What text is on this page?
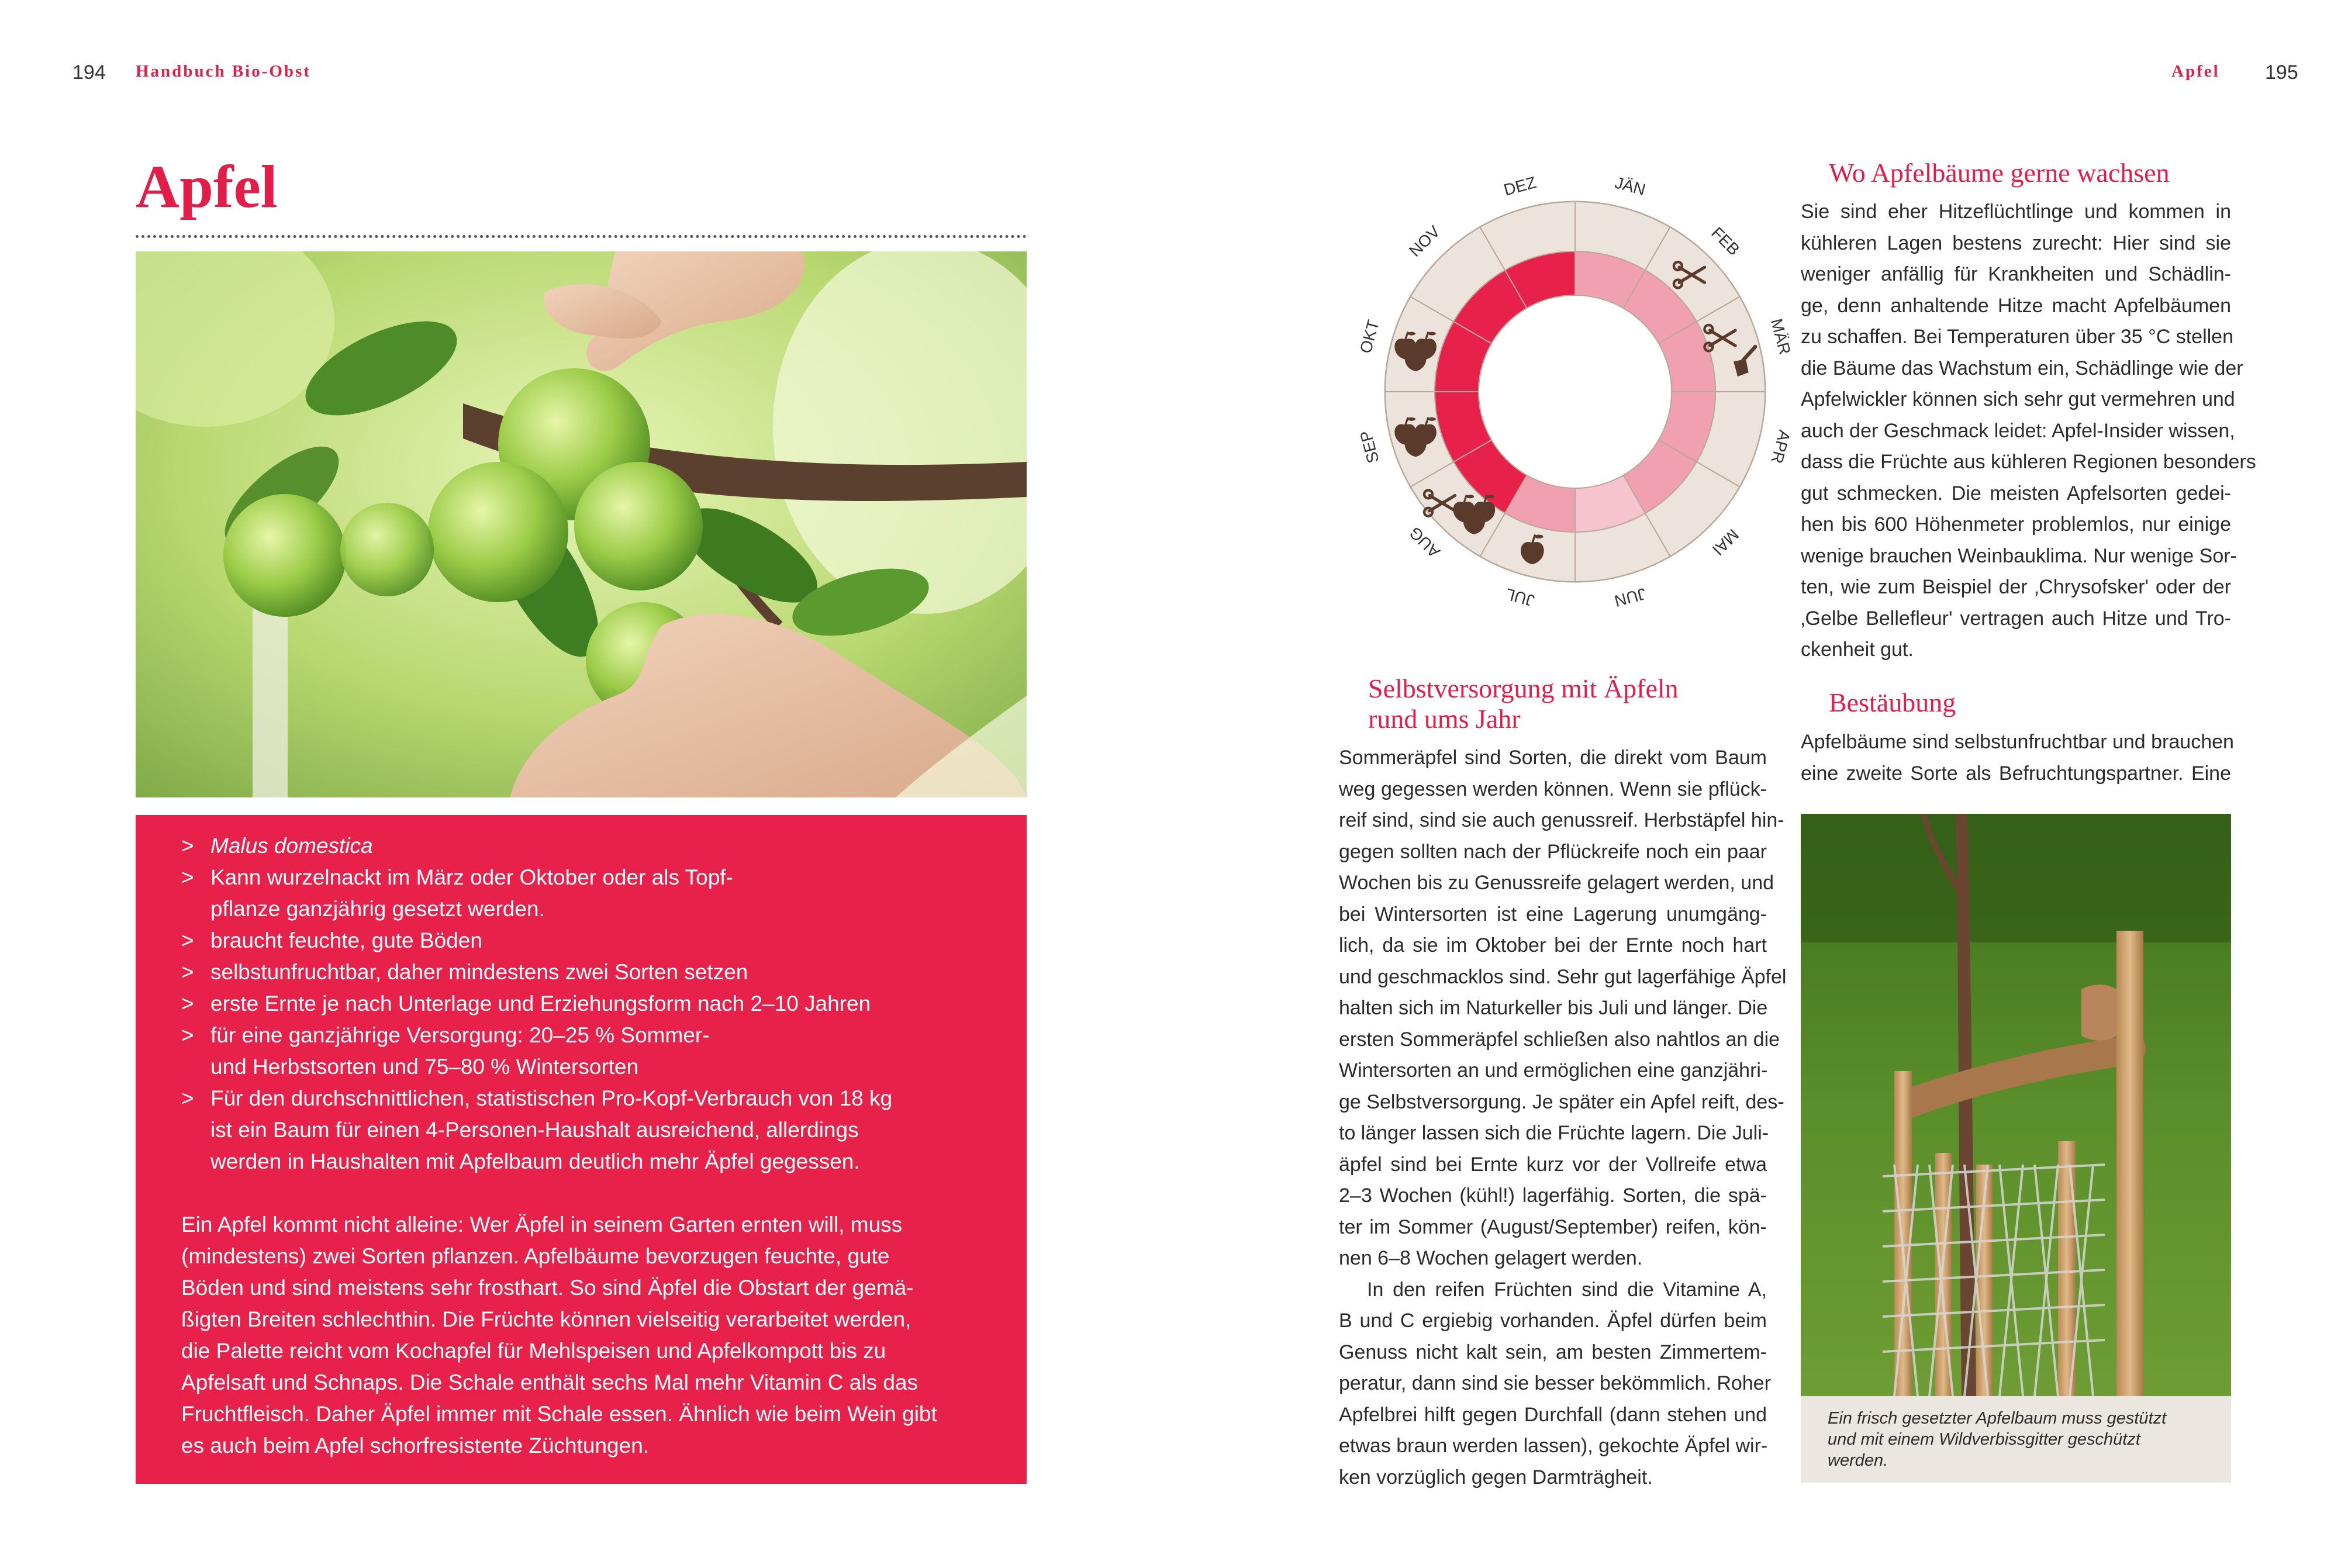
194 Handbuch Bio-Obst	Apfel 195
Apfel
> Malus domestica
> Kann wurzelnackt im März oder Oktober oder als Topf-
pflanze ganzjährig gesetzt werden.
> braucht feuchte, gute Böden
> selbstunfruchtbar, daher mindestens zwei Sorten setzen
> erste Ernte je nach Unterlage und Erziehungsform nach 2–10 Jahren
> für eine ganzjährige Versorgung: 20–25 % Sommer-
und Herbstsorten und 75–80 % Wintersorten
> Für den durchschnittlichen, statistischen Pro-Kopf-Verbrauch von 18 kg
ist ein Baum für einen 4-Personen-Haushalt ausreichend, allerdings
werden in Haushalten mit Apfelbaum deutlich mehr Äpfel gegessen.
Ein Apfel kommt nicht alleine: Wer Äpfel in seinem Garten ernten will, muss
(mindestens) zwei Sorten pflanzen. Apfelbäume bevorzugen feuchte, gute
Böden und sind meistens sehr frosthart. So sind Äpfel die Obstart der gemä-
ßigten Breiten schlechthin. Die Früchte können vielseitig verarbeitet werden,
die Palette reicht vom Kochapfel für Mehlspeisen und Apfelkompott bis zu
Apfelsaft und Schnaps. Die Schale enthält sechs Mal mehr Vitamin C als das
Fruchtfleisch. Daher Äpfel immer mit Schale essen. Ähnlich wie beim Wein gibt
es auch beim Apfel schorfresistente Züchtungen.
JÄN
FEB
MÄR
APR
MAI
JUN
JUL
AUG
SEP
OKT
NOV
DEZ
Selbstversorgung mit Äpfeln
rund ums Jahr
Sommeräpfel sind Sorten, die direkt vom Baum
weg gegessen werden können. Wenn sie pflück-
reif sind, sind sie auch genussreif. Herbstäpfel hin-
gegen sollten nach der Pflückreife noch ein paar
Wochen bis zu Genussreife gelagert werden, und
bei Wintersorten ist eine Lagerung unumgäng-
lich, da sie im Oktober bei der Ernte noch hart
und geschmacklos sind. Sehr gut lagerfähige Äpfel
halten sich im Naturkeller bis Juli und länger. Die
ersten Sommeräpfel schließen also nahtlos an die
Wintersorten an und ermöglichen eine ganzjähri-
ge Selbstversorgung. Je später ein Apfel reift, des-
to länger lassen sich die Früchte lagern. Die Juli-
äpfel sind bei Ernte kurz vor der Vollreife etwa
2–3 Wochen (kühl!) lagerfähig. Sorten, die spä-
ter im Sommer (August/September) reifen, kön-
nen 6–8 Wochen gelagert werden.
In den reifen Früchten sind die Vitamine A,
B und C ergiebig vorhanden. Äpfel dürfen beim
Genuss nicht kalt sein, am besten Zimmertem-
peratur, dann sind sie besser bekömmlich. Roher
Apfelbrei hilft gegen Durchfall (dann stehen und
etwas braun werden lassen), gekochte Äpfel wir-
ken vorzüglich gegen Darmträgheit.
Wo Apfelbäume gerne wachsen
Sie sind eher Hitzeflüchtlinge und kommen in
kühleren Lagen bestens zurecht: Hier sind sie
weniger anfällig für Krankheiten und Schädlin-
ge, denn anhaltende Hitze macht Apfelbäumen
zu schaffen. Bei Temperaturen über 35 °C stellen
die Bäume das Wachstum ein, Schädlinge wie der
Apfelwickler können sich sehr gut vermehren und
auch der Geschmack leidet: Apfel-Insider wissen,
dass die Früchte aus kühleren Regionen besonders
gut schmecken. Die meisten Apfelsorten gedei-
hen bis 600 Höhenmeter problemlos, nur einige
wenige brauchen Weinbauklima. Nur wenige Sor-
ten, wie zum Beispiel der ‚Chrysofsker' oder der
‚Gelbe Bellefleur' vertragen auch Hitze und Tro-
ckenheit gut.
Bestäubung
Apfelbäume sind selbstunfruchtbar und brauchen
eine zweite Sorte als Befruchtungspartner. Eine
Ein frisch gesetzter Apfelbaum muss gestützt
und mit einem Wildverbissgitter geschützt
werden.
